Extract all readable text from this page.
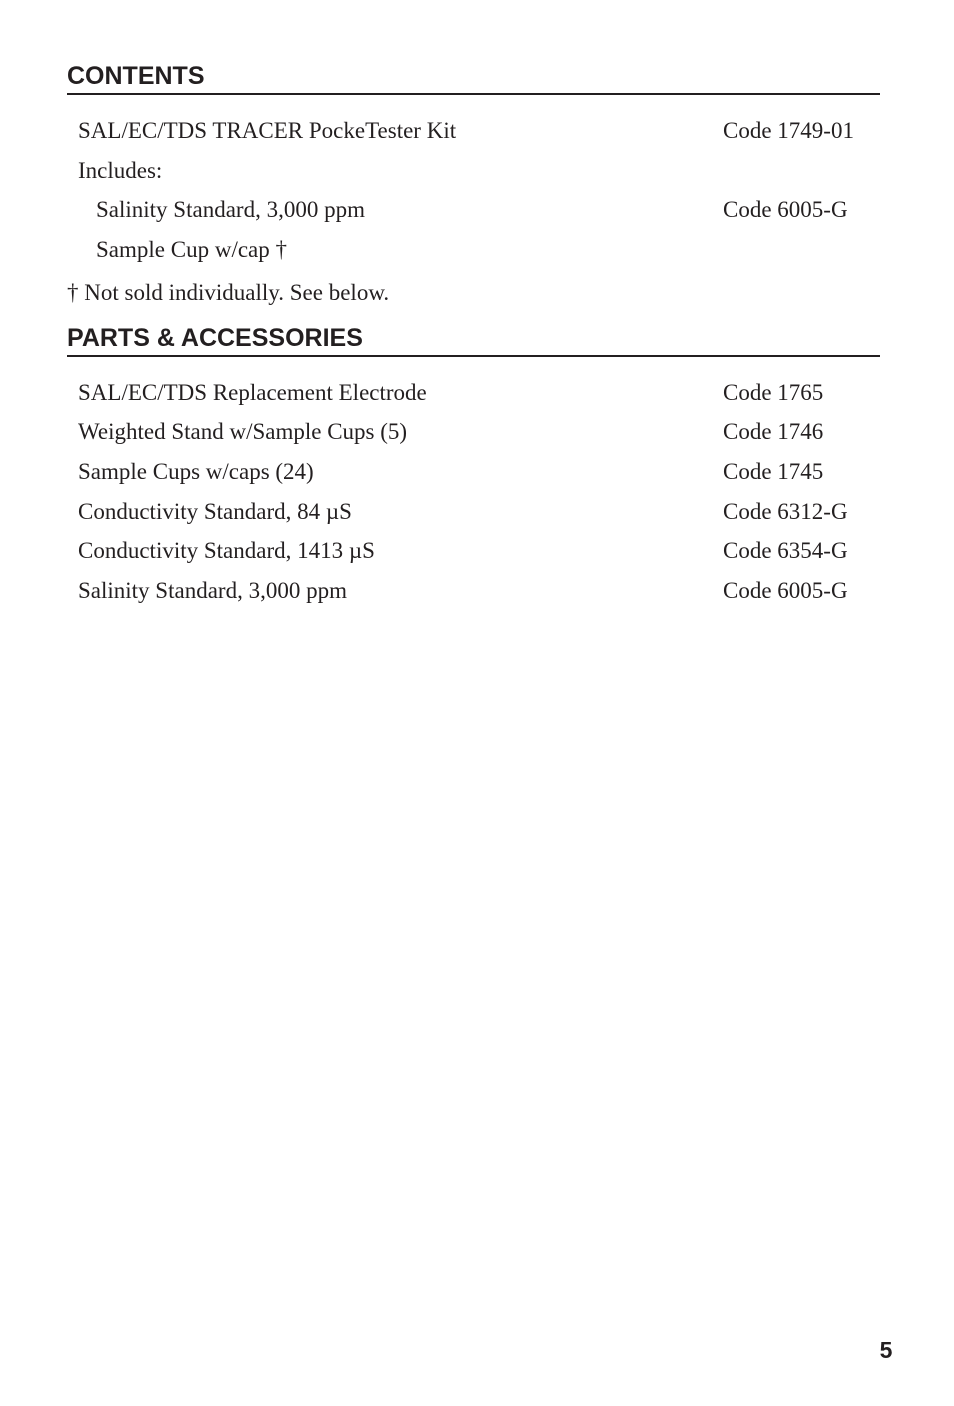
CONTENTS
SAL/EC/TDS TRACER PockeTester Kit	Code 1749-01
Includes:
Salinity Standard, 3,000 ppm	Code 6005-G
Sample Cup w/cap †
† Not sold individually. See below.
PARTS & ACCESSORIES
SAL/EC/TDS Replacement Electrode	Code 1765
Weighted Stand w/Sample Cups (5)	Code 1746
Sample Cups w/caps (24)	Code 1745
Conductivity Standard, 84 µS	Code 6312-G
Conductivity Standard, 1413 µS	Code 6354-G
Salinity Standard, 3,000 ppm	Code 6005-G
5
